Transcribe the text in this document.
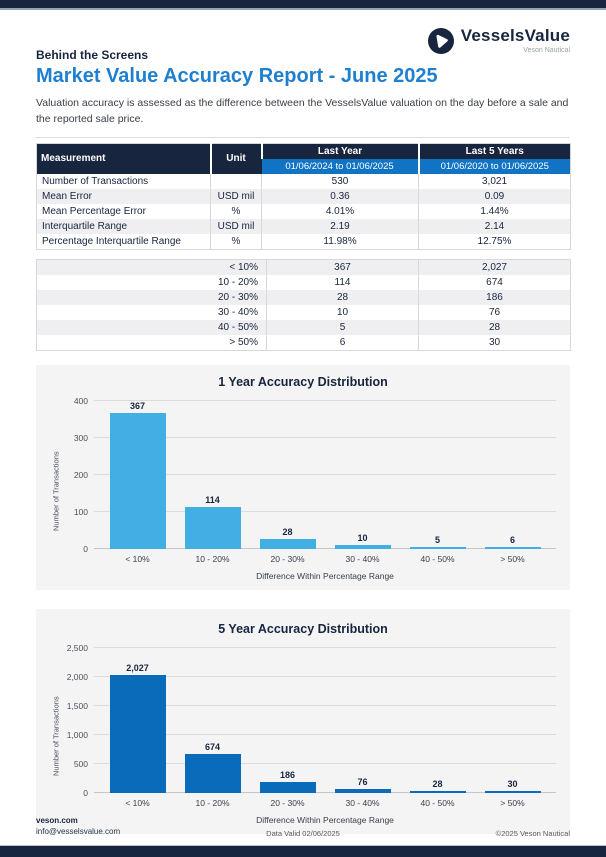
VesselsValue
Veson Nautical
Behind the Screens
Market Value Accuracy Report - June 2025

Valuation accuracy is assessed as the difference between the VesselsValue valuation on the day before a sale and the reported sale price.

Measurement	Unit	Last Year	Last 5 Years
		01/06/2024 to 01/06/2025	01/06/2020 to 01/06/2025
Number of Transactions		530	3,021
Mean Error	USD mil	0.36	0.09
Mean Percentage Error	%	4.01%	1.44%
Interquartile Range	USD mil	2.19	2.14
Percentage Interquartile Range	%	11.98%	12.75%
< 10%	367	2,027
10 - 20%	114	674
20 - 30%	28	186
30 - 40%	10	76
40 - 50%	5	28
> 50%	6	30
1 Year Accuracy Distribution
Number of Transactions
0
100
200
300
400
367
114
28
10	5	6
< 10%	10 - 20%	20 - 30%	30 - 40%	40 - 50%	> 50%
Difference Within Percentage Range
5 Year Accuracy Distribution
Number of Transactions
0
500
1,000
1,500
2,000
2,500
2,027
674
186
76	28	30
< 10%	10 - 20%	20 - 30%	30 - 40%	40 - 50%	> 50%
Difference Within Percentage Range
veson.com
info@vesselsvalue.com	Data Valid 02/06/2025	©2025 Veson Nautical
